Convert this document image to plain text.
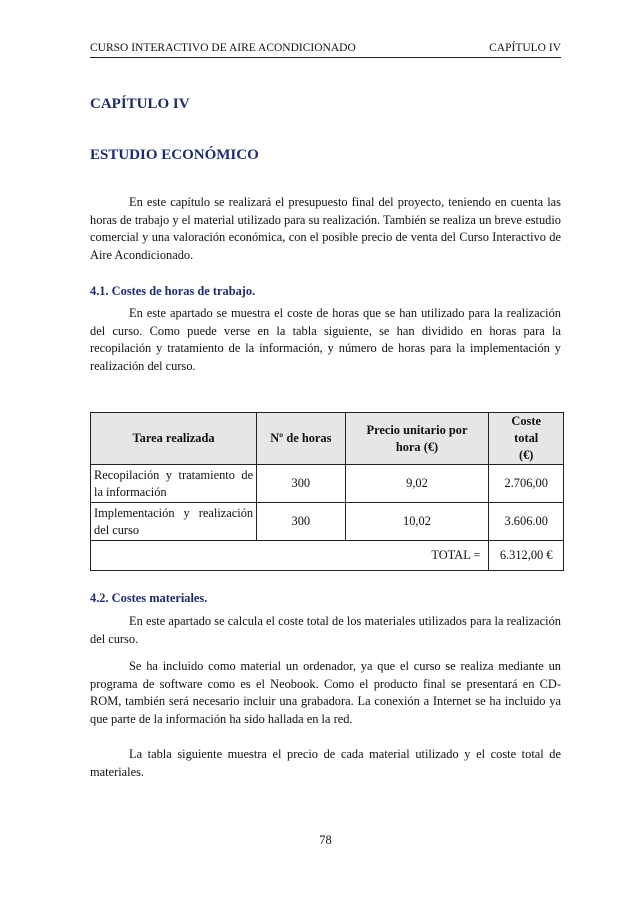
CURSO INTERACTIVO DE AIRE ACONDICIONADO	CAPÍTULO IV
CAPÍTULO IV
ESTUDIO ECONÓMICO

En este capítulo se realizará el presupuesto final del proyecto, teniendo en cuenta las horas de trabajo y el material utilizado para su realización. También se realiza un breve estudio comercial y una valoración económica, con el posible precio de venta del Curso Interactivo de Aire Acondicionado.

4.1. Costes de horas de trabajo.

En este apartado se muestra el coste de horas que se han utilizado para la realización del curso. Como puede verse en la tabla siguiente, se han dividido en horas para la recopilación y tratamiento de la información, y número de horas para la implementación y realización del curso.

Tarea realizada	Nº de horas	Precio unitario por hora (€)	Coste total (€)
Recopilación y tratamiento de la información	300	9,02	2.706,00
Implementación y realización del curso	300	10,02	3.606.00
TOTAL =			6.312,00 €
4.2. Costes materiales.

En este apartado se calcula el coste total de los materiales utilizados para la realización del curso.

Se ha incluido como material un ordenador, ya que el curso se realiza mediante un programa de software como es el Neobook. Como el producto final se presentará en CD-ROM, también será necesario incluir una grabadora. La conexión a Internet se ha incluido ya que parte de la información ha sido hallada en la red.

La tabla siguiente muestra el precio de cada material utilizado y el coste total de materiales.

78
